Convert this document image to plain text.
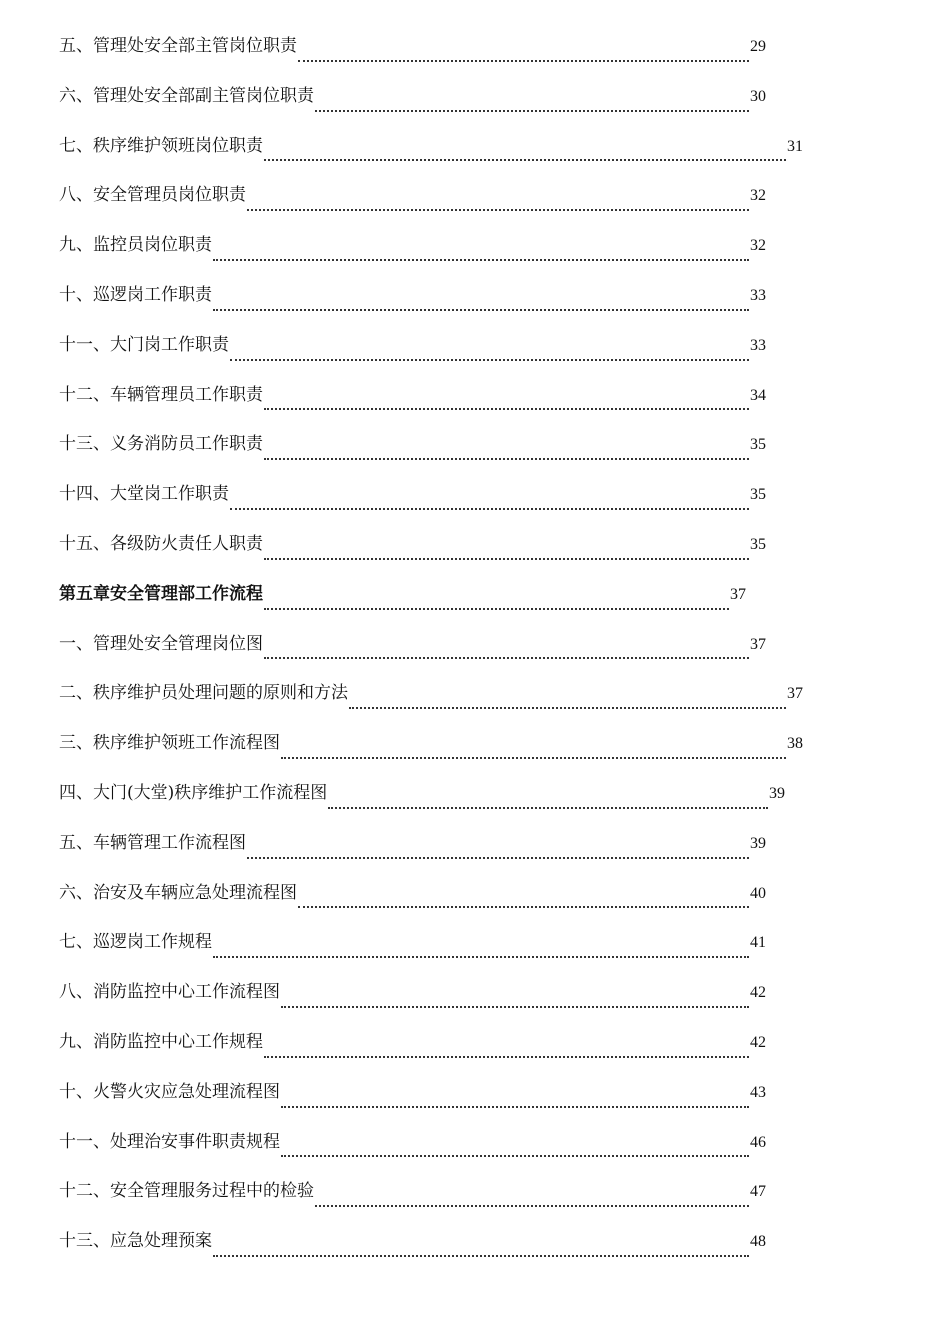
五、管理处安全部主管岗位职责	29
六、管理处安全部副主管岗位职责	30
七、秩序维护领班岗位职责	31
八、安全管理员岗位职责	32
九、监控员岗位职责	32
十、巡逻岗工作职责	33
十一、大门岗工作职责	33
十二、车辆管理员工作职责	34
十三、义务消防员工作职责	35
十四、大堂岗工作职责	35
十五、各级防火责任人职责	35
第五章安全管理部工作流程	37
一、管理处安全管理岗位图	37
二、秩序维护员处理问题的原则和方法	37
三、秩序维护领班工作流程图	38
四、大门(大堂)秩序维护工作流程图	39
五、车辆管理工作流程图	39
六、治安及车辆应急处理流程图	40
七、巡逻岗工作规程	41
八、消防监控中心工作流程图	42
九、消防监控中心工作规程	42
十、火警火灾应急处理流程图	43
十一、处理治安事件职责规程	46
十二、安全管理服务过程中的检验	47
十三、应急处理预案	48
